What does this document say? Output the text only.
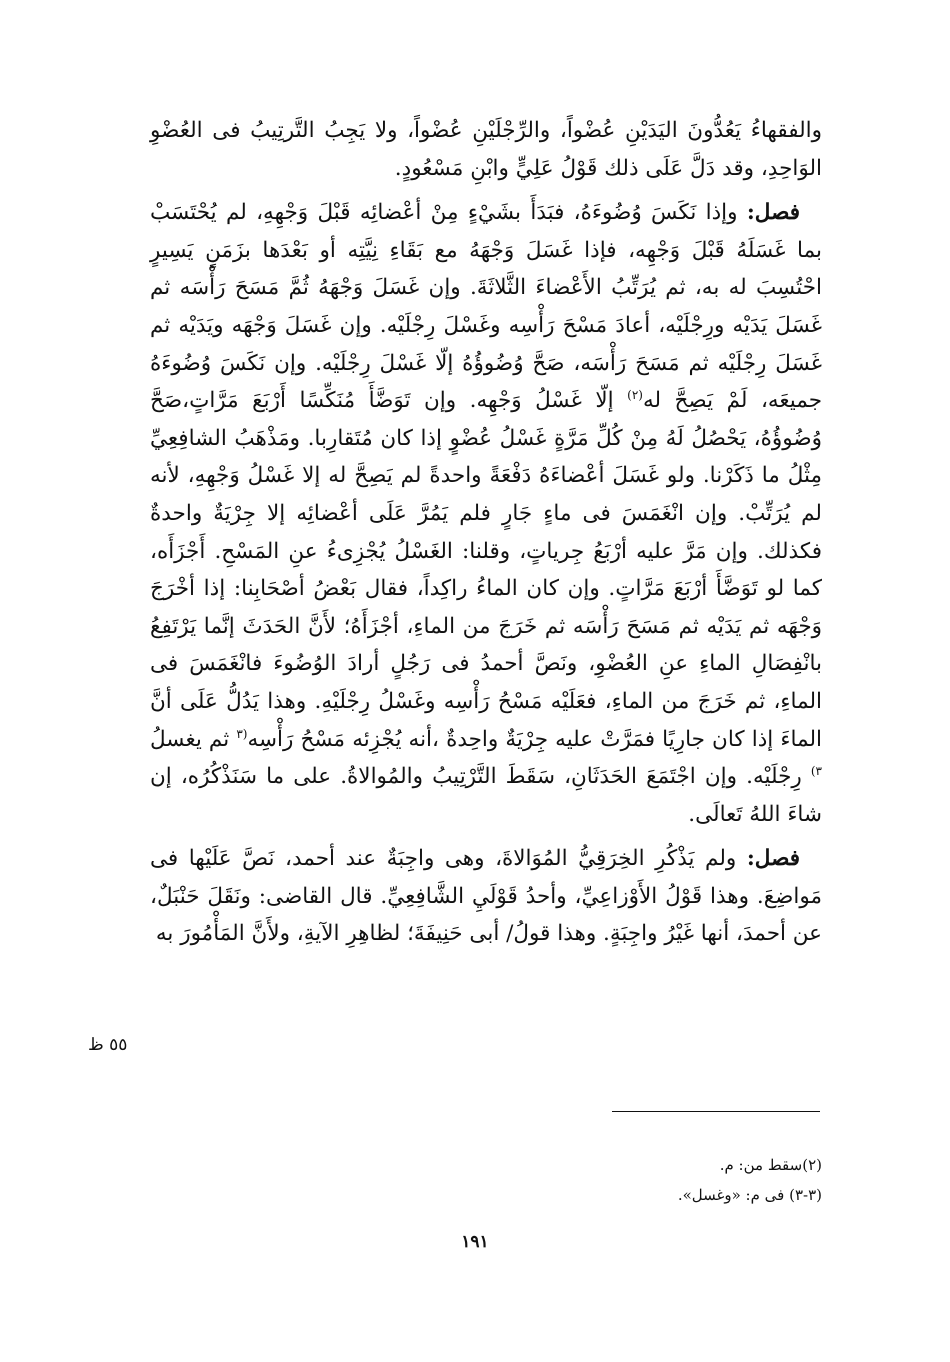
والفقهاءُ يَعُدُّونَ اليَدَيْنِ عُضْواً، والرِّجْلَيْنِ عُضْواً، ولا يَجِبُ التَّرتِيبُ فى العُضْوِ الوَاحِدِ، وقد دَلَّ عَلَى ذلك قَوْلُ عَلِيٍّ وابْنِ مَسْعُودٍ.

فصل: وإذا نَكَسَ وُضُوءَهُ، فبَدَأَ بشَيْءٍ مِنْ أعْضائِه قَبْلَ وَجْهِهِ، لم يُحْتَسَبْ بما غَسَلَهُ قَبْلَ وَجْهِه، فإذا غَسَلَ وَجْهَهُ مع بَقَاءِ نِيَّتِه أو بَعْدَها بزَمَنٍ يَسِيرٍ احْتُسِبَ له به، ثم يُرَتِّبُ الأَعْضاءَ الثَّلاثَةَ. وإن غَسَلَ وَجْهَهُ ثُمَّ مَسَحَ رَأْسَه ثم غَسَلَ يَدَيْه ورِجْلَيْه، أعادَ مَسْحَ رَأْسِه وغَسْلَ رِجْلَيْه. وإن غَسَلَ وَجْهَه ويَدَيْه ثم غَسَلَ رِجْلَيْه ثم مَسَحَ رَأْسَه، صَحَّ وُضُوؤُهُ إلّا غَسْلَ رِجْلَيْه. وإن نَكَسَ وُضُوءَهُ جميعَه، لَمْ يَصِحَّ له$^{(٢)}$ إلّا غَسْلُ وَجْهِه. وإن تَوَضَّأَ مُنَكِّسًا أَرْبَعَ مَرَّاتٍ،صَحَّ وُضُوؤُهُ، يَحْصُلُ لَهُ مِنْ كُلِّ مَرَّةٍ غَسْلُ عُضْوٍ إذا كان مُتَقارِبا. ومَذْهَبُ الشافِعِيِّ مِثْلُ ما ذَكَرْنا. ولو غَسَلَ أعْضاءَهُ دَفْعَةً واحدةً لم يَصِحَّ له إلا غَسْلُ وَجْهِهِ، لأنه لم يُرَتِّبْ. وإن انْغَمَسَ فى ماءٍ جَارٍ فلم يَمُرَّ عَلَى أعْضائِه إلا جِرْيَةٌ واحدةٌ فكذلك. وإن مَرَّ عليه أرْبَعُ جِرياتٍ، وقلنا: الغَسْلُ يُجْزِىءُ عنِ المَسْحِ. أَجْزَأَه، كما لو تَوَضَّأَ أرْبَعَ مَرَّاتٍ. وإن كان الماءُ راكِداً، فقال بَعْضُ أصْحَابِنا: إذا أخْرَجَ وَجْهَه ثم يَدَيْه ثم مَسَحَ رَأْسَه ثم خَرَجَ من الماءِ، أجْزَأَهُ؛ لأَنَّ الحَدَثَ إنَّما يَرْتَفِعُ بانْفِصَالِ الماءِ عنِ العُضْوِ، ونَصَّ أحمدُ فى رَجُلٍ أرادَ الوُضُوءَ فانْغَمَسَ فى الماءِ، ثم خَرَجَ من الماءِ، فعَلَيْه مَسْحُ رَأْسِه وغَسْلُ رِجْلَيْهِ. وهذا يَدُلُّ عَلَى أنَّ الماءَ إذا كان جارِيًا فمَرَّتْ عليه جِرْيَةٌ واحِدةٌ ،أنه يُجْزِئه مَسْحُ رَأْسِه$^{(٣}$ ثم يغسلُ $^{٣)}$ رِجْلَيْه. وإن اجْتَمَعَ الحَدَثَانِ، سَقَطَ التَّرْتِيبُ والمُوالاةُ. على ما سَنَذْكُرُه، إن شاءَ اللهُ تَعالَى.

فصل: ولم يَذْكُرِ الخِرَقِيُّ المُوَالاةَ، وهى واجِبَةٌ عند أحمد، نَصَّ عَلَيْها فى مَواضِعَ. وهذا قَوْلُ الأَوْزاعِيِّ، وأحدُ قَوْلَيِ الشَّافِعِيِّ. قال القاضى: ونَقَلَ حَنْبَلٌ، عن أحمدَ، أنها غَيْرُ واجِبَةٍ. وهذا قولُ/ أبى حَنِيفَةَ؛ لظاهِرِ الآيةِ، ولأَنَّ المَأْمُورَ به

٥٥ ظ

(٢)سقط من: م.

(٣-٣) فى م: «وغسل».

١٩١
